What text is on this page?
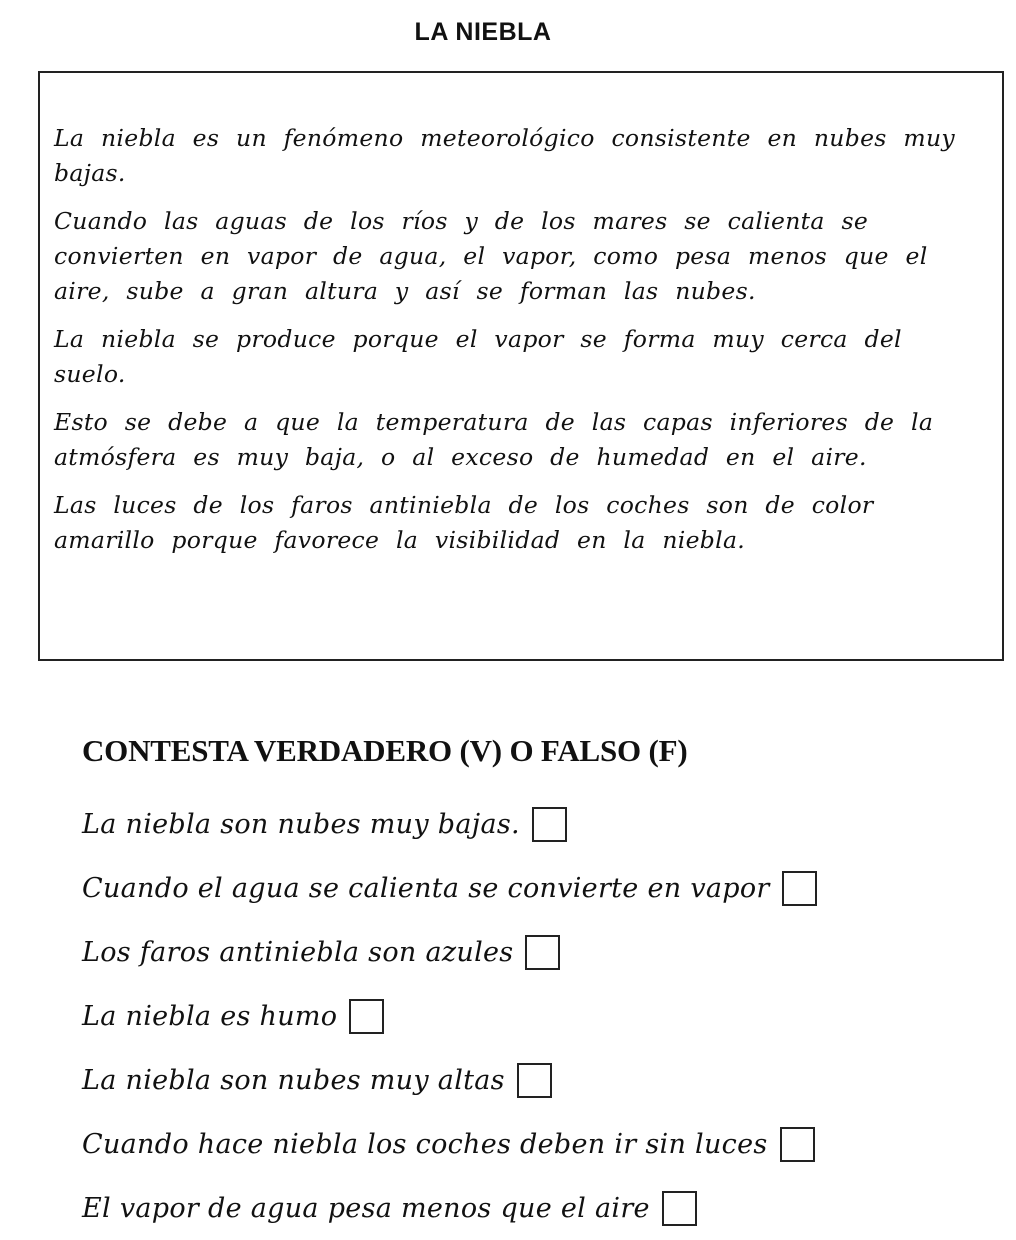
LA NIEBLA

La niebla es un fenómeno meteorológico consistente en nubes muy bajas.

Cuando las aguas de los ríos y de los mares se calienta se convierten en vapor de agua, el vapor, como pesa menos que el aire, sube a gran altura y así se forman las nubes.

La niebla se produce porque el vapor se forma muy cerca del suelo.

Esto se debe a que la temperatura de las capas inferiores de la atmósfera es muy baja, o al exceso de humedad en el aire.

Las luces de los faros antiniebla de los coches son de color amarillo porque favorece la visibilidad en la niebla.

CONTESTA VERDADERO (V) O FALSO (F)
La niebla son nubes muy bajas.
Cuando el agua se calienta se convierte en vapor
Los faros antiniebla son azules
La niebla es humo
La niebla son nubes muy altas
Cuando hace niebla los coches deben ir sin luces
El vapor de agua pesa menos que el aire
